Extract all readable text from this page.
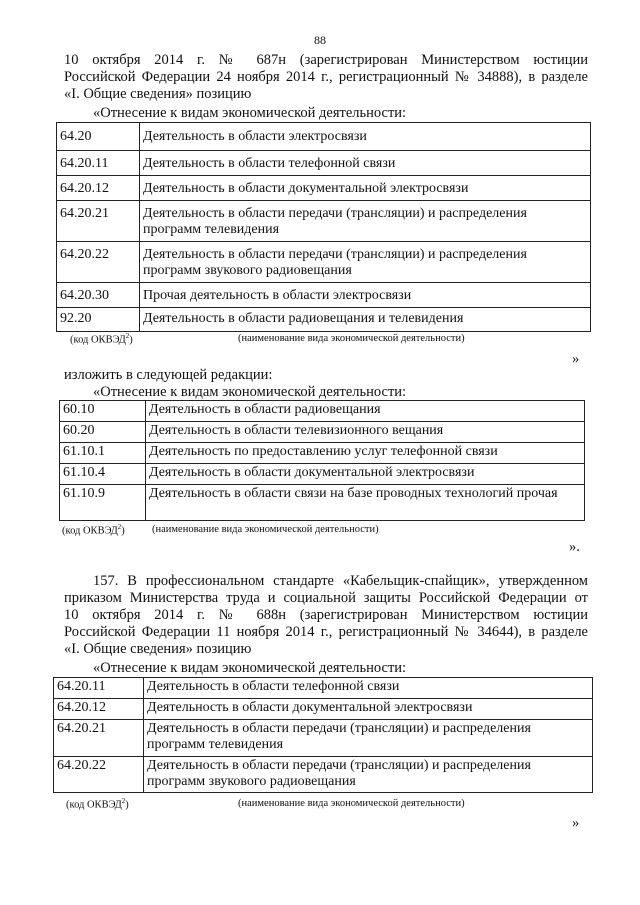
88
10 октября 2014 г. № 687н (зарегистрирован Министерством юстиции
Российской Федерации 24 ноября 2014 г., регистрационный № 34888), в разделе
«I. Общие сведения» позицию
«Отнесение к видам экономической деятельности:
64.20	Деятельность в области электросвязи
64.20.11	Деятельность в области телефонной связи
64.20.12	Деятельность в области документальной электросвязи
64.20.21	Деятельность в области передачи (трансляции) и распределения программ телевидения
64.20.22	Деятельность в области передачи (трансляции) и распределения программ звукового радиовещания
64.20.30	Прочая деятельность в области электросвязи
92.20	Деятельность в области радиовещания и телевидения
(код ОКВЭД$^2$)	(наименование вида экономической деятельности)
»
изложить в следующей редакции:
«Отнесение к видам экономической деятельности:
60.10	Деятельность в области радиовещания
60.20	Деятельность в области телевизионного вещания
61.10.1	Деятельность по предоставлению услуг телефонной связи
61.10.4	Деятельность в области документальной электросвязи
61.10.9	Деятельность в области связи на базе проводных технологий прочая
(код ОКВЭД$^2$)	(наименование вида экономической деятельности)
».
157. В профессиональном стандарте «Кабельщик-спайщик», утвержденном
приказом Министерства труда и социальной защиты Российской Федерации от
10 октября 2014 г. № 688н (зарегистрирован Министерством юстиции
Российской Федерации 11 ноября 2014 г., регистрационный № 34644), в разделе
«I. Общие сведения» позицию
«Отнесение к видам экономической деятельности:
64.20.11	Деятельность в области телефонной связи
64.20.12	Деятельность в области документальной электросвязи
64.20.21	Деятельность в области передачи (трансляции) и распределения программ телевидения
64.20.22	Деятельность в области передачи (трансляции) и распределения программ звукового радиовещания
(код ОКВЭД$^2$)	(наименование вида экономической деятельности)
»
